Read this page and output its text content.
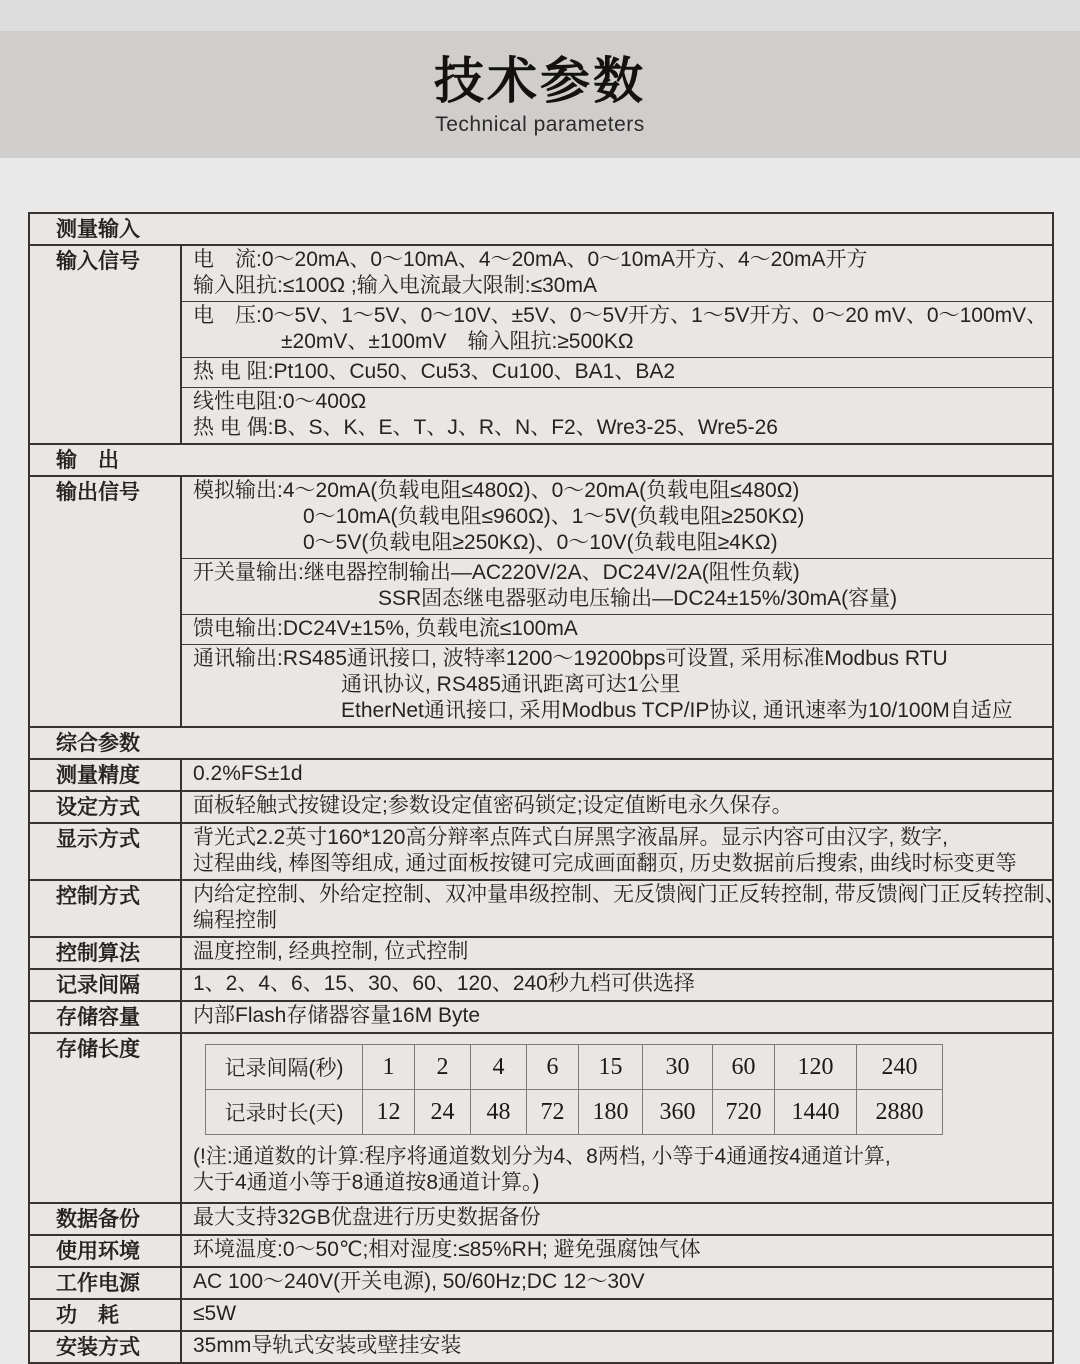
技术参数
Technical parameters
测量输入
输入信号	电　流:0～20mA、0～10mA、4～20mA、0～10mA开方、4～20mA开方
输入阻抗:≤100Ω ;输入电流最大限制:≤30mA
电　压:0～5V、1～5V、0～10V、±5V、0～5V开方、1～5V开方、0～20 mV、0～100mV、
±20mV、±100mV　输入阻抗:≥500KΩ
热 电 阻:Pt100、Cu50、Cu53、Cu100、BA1、BA2
线性电阻:0～400Ω
热 电 偶:B、S、K、E、T、J、R、N、F2、Wre3-25、Wre5-26
输　出
输出信号	模拟输出:4～20mA(负载电阻≤480Ω)、0～20mA(负载电阻≤480Ω)
0～10mA(负载电阻≤960Ω)、1～5V(负载电阻≥250KΩ)
0～5V(负载电阻≥250KΩ)、0～10V(负载电阻≥4KΩ)
开关量输出:继电器控制输出—AC220V/2A、DC24V/2A(阻性负载)
SSR固态继电器驱动电压输出—DC24±15%/30mA(容量)
馈电输出:DC24V±15%, 负载电流≤100mA
通讯输出:RS485通讯接口, 波特率1200～19200bps可设置, 采用标准Modbus RTU
通讯协议, RS485通讯距离可达1公里
EtherNet通讯接口, 采用Modbus TCP/IP协议, 通讯速率为10/100M自适应
综合参数
测量精度	0.2%FS±1d
设定方式	面板轻触式按键设定;参数设定值密码锁定;设定值断电永久保存。
显示方式	背光式2.2英寸160*120高分辩率点阵式白屏黑字液晶屏。显示内容可由汉字, 数字,
过程曲线, 棒图等组成, 通过面板按键可完成画面翻页, 历史数据前后搜索, 曲线时标变更等
控制方式	内给定控制、外给定控制、双冲量串级控制、无反馈阀门正反转控制, 带反馈阀门正反转控制、
编程控制
控制算法	温度控制, 经典控制, 位式控制
记录间隔	1、2、4、6、15、30、60、120、240秒九档可供选择
存储容量	内部Flash存储器容量16M Byte
存储长度
记录间隔(秒)	1	2	4	6	15	30	60	120	240
记录时长(天)	12	24	48	72	180	360	720	1440	2880
(!注:通道数的计算:程序将通道数划分为4、8两档, 小等于4通通按4通道计算,
大于4通道小等于8通道按8通道计算。)
数据备份	最大支持32GB优盘进行历史数据备份
使用环境	环境温度:0～50℃;相对湿度:≤85%RH; 避免强腐蚀气体
工作电源	AC 100～240V(开关电源), 50/60Hz;DC 12～30V
功　耗	≤5W
安装方式	35mm导轨式安装或壁挂安装
